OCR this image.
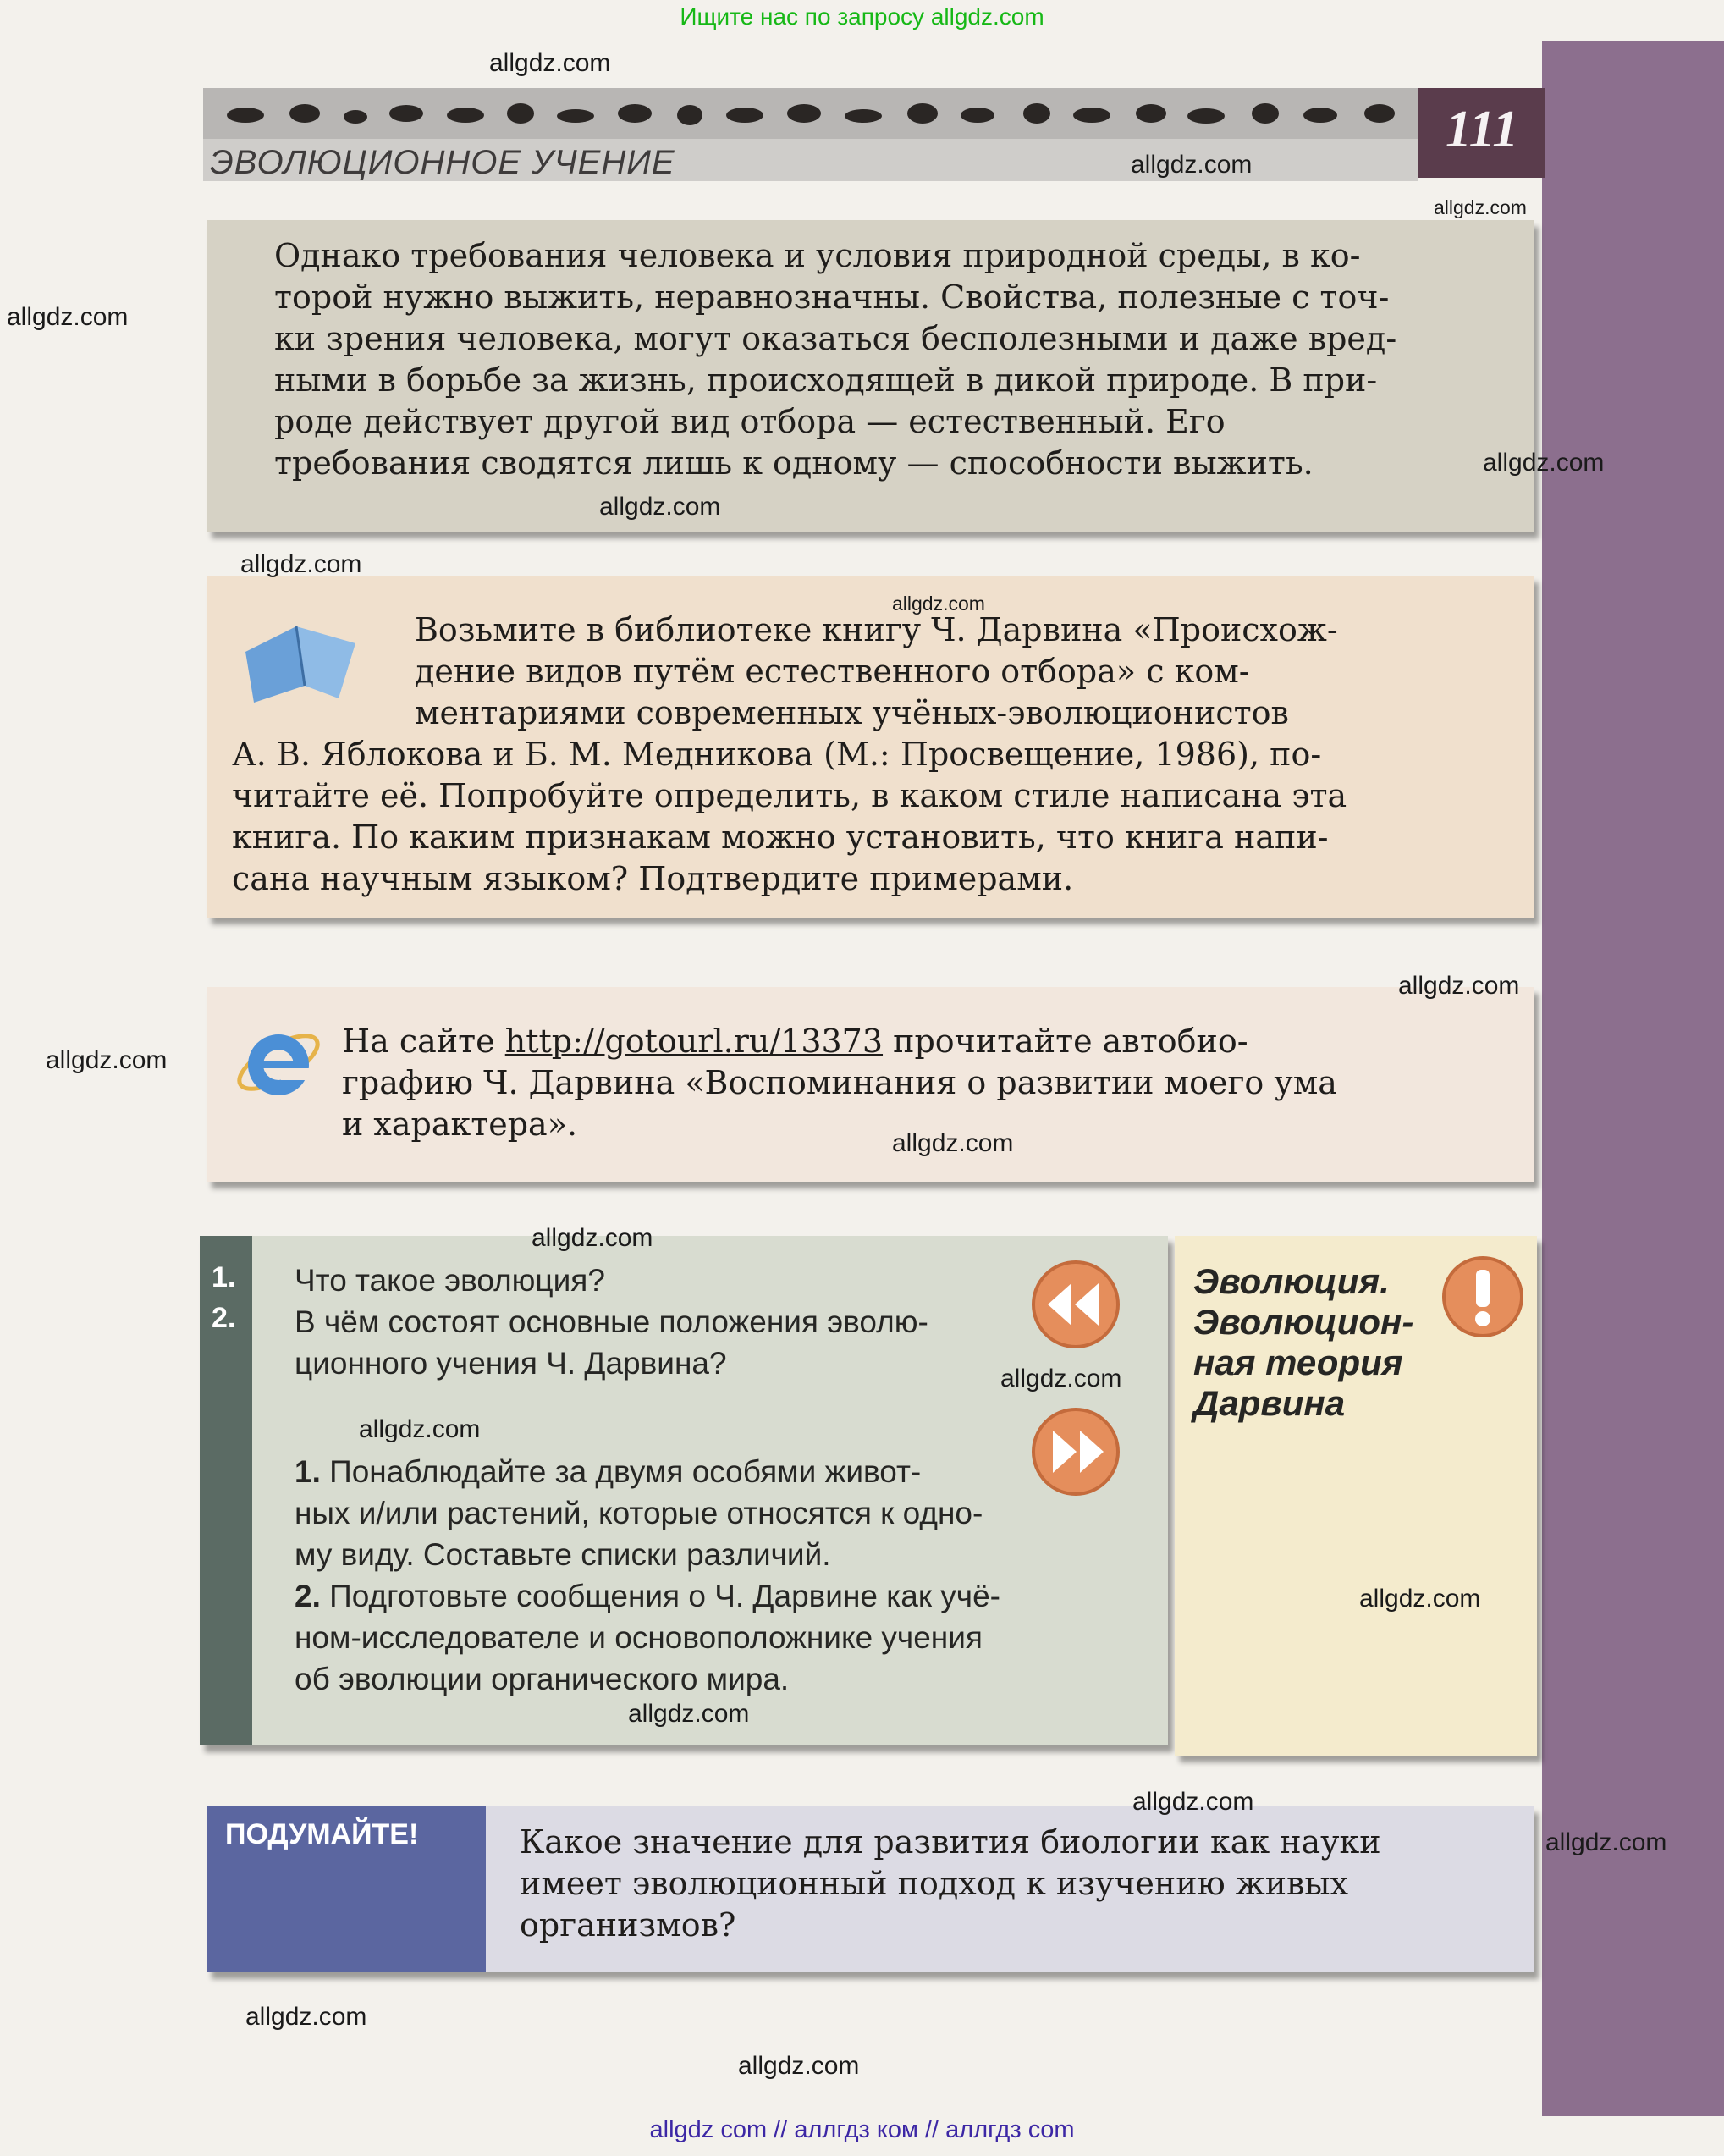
Ищите нас по запросу allgdz.com
111
ЭВОЛЮЦИОННОЕ УЧЕНИЕ
Однако требования человека и условия природной среды, в ко-
торой нужно выжить, неравнозначны. Свойства, полезные с точ-
ки зрения человека, могут оказаться бесполезными и даже вред-
ными в борьбе за жизнь, происходящей в дикой природе. В при-
роде действует другой вид отбора — естественный. Его
требования сводятся лишь к одному — способности выжить.
Возьмите в библиотеке книгу Ч. Дарвина «Происхож-
дение видов путём естественного отбора» с ком-
ментариями современных учёных-эволюционистов
А. В. Яблокова и Б. М. Медникова (М.: Просвещение, 1986), по-
читайте её. Попробуйте определить, в каком стиле написана эта
книга. По каким признакам можно установить, что книга напи-
сана научным языком? Подтвердите примерами.
На сайте http://gotourl.ru/13373 прочитайте автобио-
графию Ч. Дарвина «Воспоминания о развитии моего ума
и характера».
1.
2.
Что такое эволюция?
В чём состоят основные положения эволю-
ционного учения Ч. Дарвина?
1. Понаблюдайте за двумя особями живот-
ных и/или растений, которые относятся к одно-
му виду. Составьте списки различий.
2. Подготовьте сообщения о Ч. Дарвине как учё-
ном-исследователе и основоположнике учения
об эволюции органического мира.
Эволюция.
Эволюцион-
ная теория
Дарвина
ПОДУМАЙТЕ!	Какое значение для развития биологии как науки
имеет эволюционный подход к изучению живых
организмов?
allgdz.com
allgdz.com
allgdz.com
allgdz.com
allgdz.com
allgdz.com
allgdz.com
allgdz.com
allgdz.com
allgdz.com
allgdz.com
allgdz.com
allgdz.com
allgdz.com
allgdz.com
allgdz.com
allgdz.com
allgdz.com
allgdz.com
allgdz.com
allgdz com // аллгдз ком // аллгдз com
